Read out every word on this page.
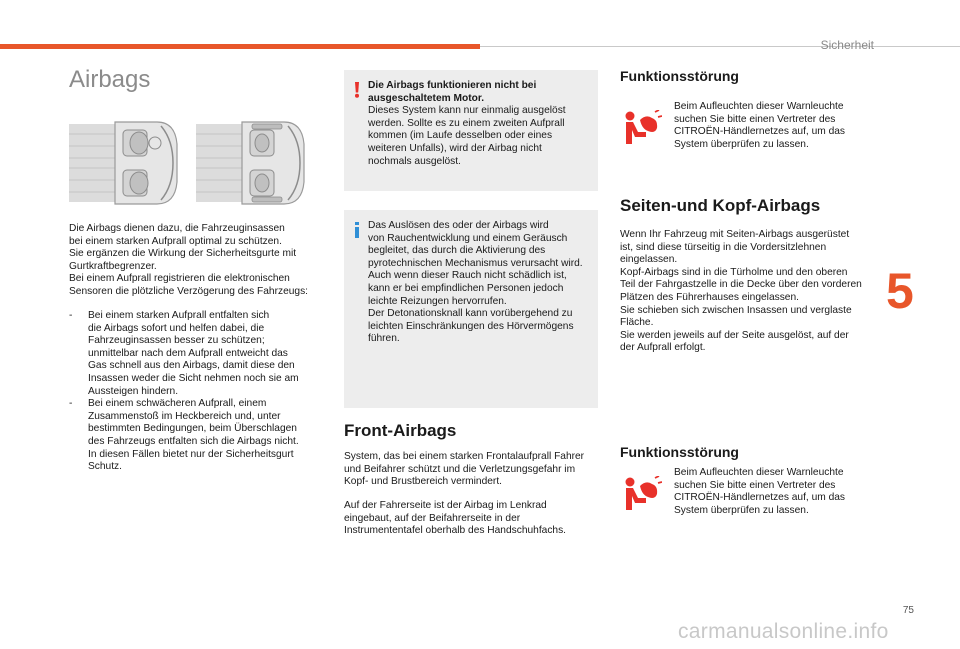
Sicherheit
Airbags
Die Airbags dienen dazu, die Fahrzeuginsassen
bei einem starken Aufprall optimal zu schützen.
Sie ergänzen die Wirkung der Sicherheitsgurte mit
Gurtkraftbegrenzer.
Bei einem Aufprall registrieren die elektronischen
Sensoren die plötzliche Verzögerung des Fahrzeugs:
- Bei einem starken Aufprall entfalten sich
die Airbags sofort und helfen dabei, die
Fahrzeuginsassen besser zu schützen;
unmittelbar nach dem Aufprall entweicht das
Gas schnell aus den Airbags, damit diese den
Insassen weder die Sicht nehmen noch sie am
Aussteigen hindern.
- Bei einem schwächeren Aufprall, einem
Zusammenstoß im Heckbereich und, unter
bestimmten Bedingungen, beim Überschlagen
des Fahrzeugs entfalten sich die Airbags nicht.
In diesen Fällen bietet nur der Sicherheitsgurt
Schutz.
Die Airbags funktionieren nicht bei
ausgeschaltetem Motor.
Dieses System kann nur einmalig ausgelöst
werden. Sollte es zu einem zweiten Aufprall
kommen (im Laufe desselben oder eines
weiteren Unfalls), wird der Airbag nicht
nochmals ausgelöst.
Das Auslösen des oder der Airbags wird
von Rauchentwicklung und einem Geräusch
begleitet, das durch die Aktivierung des
pyrotechnischen Mechanismus verursacht wird.
Auch wenn dieser Rauch nicht schädlich ist,
kann er bei empfindlichen Personen jedoch
leichte Reizungen hervorrufen.
Der Detonationsknall kann vorübergehend zu
leichten Einschränkungen des Hörvermögens
führen.
Front-Airbags
System, das bei einem starken Frontalaufprall Fahrer
und Beifahrer schützt und die Verletzungsgefahr im
Kopf- und Brustbereich vermindert.
Auf der Fahrerseite ist der Airbag im Lenkrad
eingebaut, auf der Beifahrerseite in der
Instrumententafel oberhalb des Handschuhfachs.
Funktionsstörung
Beim Aufleuchten dieser Warnleuchte
suchen Sie bitte einen Vertreter des
CITROËN-Händlernetzes auf, um das
System überprüfen zu lassen.
Seiten-und Kopf-Airbags
Wenn Ihr Fahrzeug mit Seiten-Airbags ausgerüstet
ist, sind diese türseitig in die Vordersitzlehnen
eingelassen.
Kopf-Airbags sind in die Türholme und den oberen
Teil der Fahrgastzelle in die Decke über den vorderen
Plätzen des Führerhauses eingelassen.
Sie schieben sich zwischen Insassen und verglaste
Fläche.
Sie werden jeweils auf der Seite ausgelöst, auf der
der Aufprall erfolgt.
Funktionsstörung
Beim Aufleuchten dieser Warnleuchte
suchen Sie bitte einen Vertreter des
CITROËN-Händlernetzes auf, um das
System überprüfen zu lassen.
5
75
carmanualsonline.info
